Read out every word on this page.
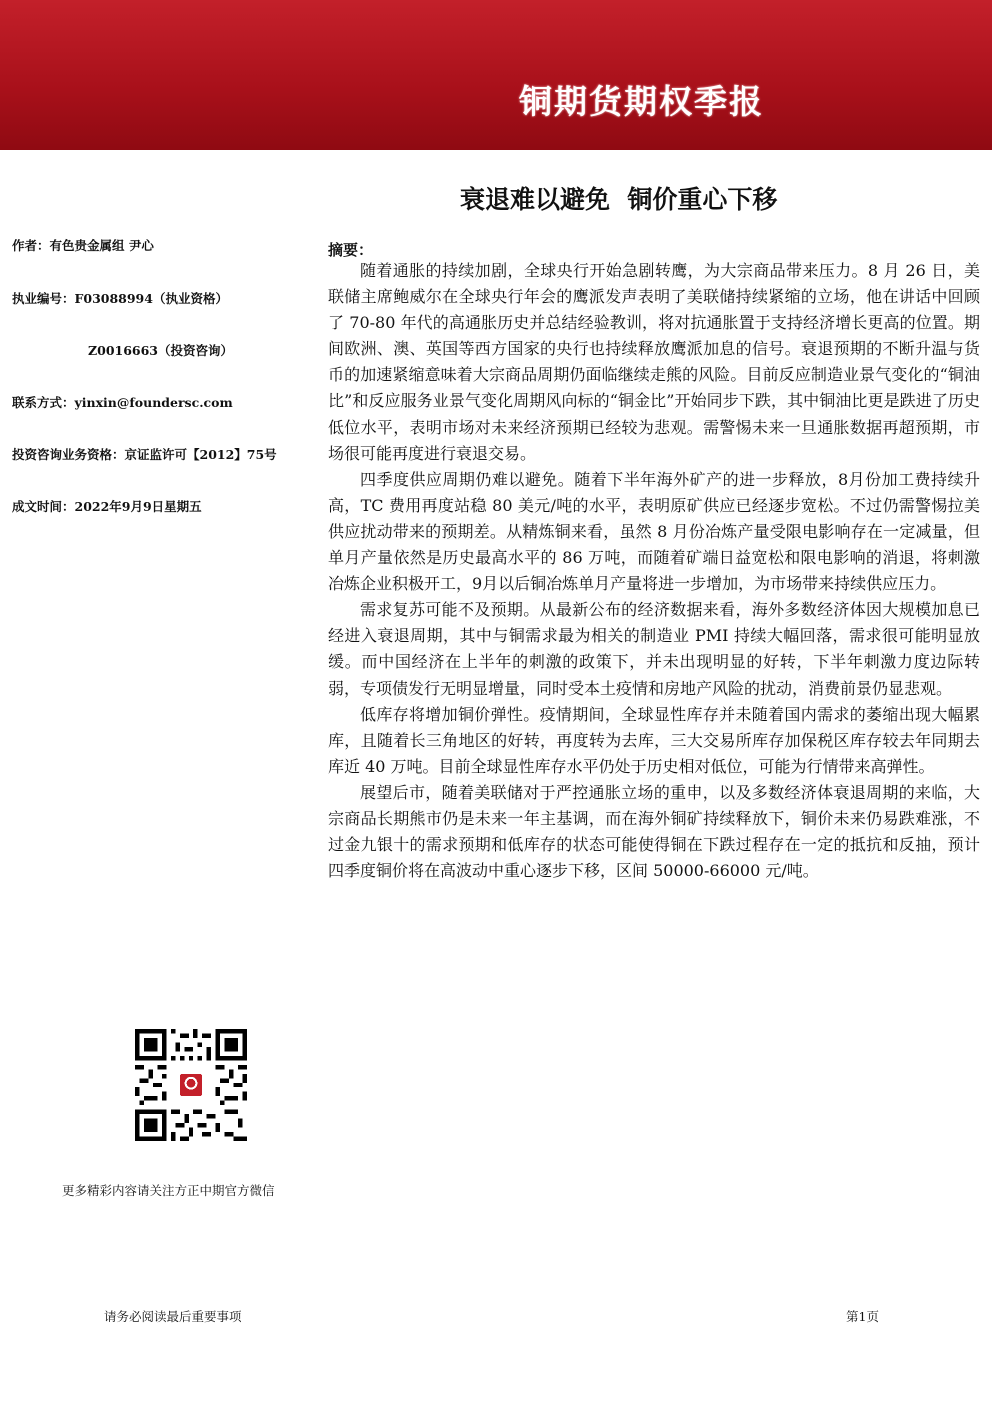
铜期货期权季报
衰退难以避免  铜价重心下移
作者：有色贵金属组 尹心
执业编号：F03088994（执业资格）
Z0016663（投资咨询）
联系方式：yinxin@foundersc.com
投资咨询业务资格：京证监许可【2012】75号
成文时间：2022年9月9日星期五
摘要：

随着通胀的持续加剧，全球央行开始急剧转鹰，为大宗商品带来压力。8 月 26 日，美联储主席鲍威尔在全球央行年会的鹰派发声表明了美联储持续紧缩的立场，他在讲话中回顾了 70-80 年代的高通胀历史并总结经验教训，将对抗通胀置于支持经济增长更高的位置。期间欧洲、澳、英国等西方国家的央行也持续释放鹰派加息的信号。衰退预期的不断升温与货币的加速紧缩意味着大宗商品周期仍面临继续走熊的风险。目前反应制造业景气变化的“铜油比”和反应服务业景气变化周期风向标的“铜金比”开始同步下跌，其中铜油比更是跌进了历史低位水平，表明市场对未来经济预期已经较为悲观。需警惕未来一旦通胀数据再超预期，市场很可能再度进行衰退交易。

四季度供应周期仍难以避免。随着下半年海外矿产的进一步释放，8月份加工费持续升高，TC 费用再度站稳 80 美元/吨的水平，表明原矿供应已经逐步宽松。不过仍需警惕拉美供应扰动带来的预期差。从精炼铜来看，虽然 8 月份冶炼产量受限电影响存在一定减量，但单月产量依然是历史最高水平的 86 万吨，而随着矿端日益宽松和限电影响的消退，将刺激冶炼企业积极开工，9月以后铜冶炼单月产量将进一步增加，为市场带来持续供应压力。

需求复苏可能不及预期。从最新公布的经济数据来看，海外多数经济体因大规模加息已经进入衰退周期，其中与铜需求最为相关的制造业 PMI 持续大幅回落，需求很可能明显放缓。而中国经济在上半年的刺激的政策下，并未出现明显的好转，下半年刺激力度边际转弱，专项债发行无明显增量，同时受本土疫情和房地产风险的扰动，消费前景仍显悲观。

低库存将增加铜价弹性。疫情期间，全球显性库存并未随着国内需求的萎缩出现大幅累库，且随着长三角地区的好转，再度转为去库，三大交易所库存加保税区库存较去年同期去库近 40 万吨。目前全球显性库存水平仍处于历史相对低位，可能为行情带来高弹性。

展望后市，随着美联储对于严控通胀立场的重申，以及多数经济体衰退周期的来临，大宗商品长期熊市仍是未来一年主基调，而在海外铜矿持续释放下，铜价未来仍易跌难涨，不过金九银十的需求预期和低库存的状态可能使得铜在下跌过程存在一定的抵抗和反抽，预计四季度铜价将在高波动中重心逐步下移，区间 50000-66000 元/吨。

更多精彩内容请关注方正中期官方微信
请务必阅读最后重要事项	第1页
